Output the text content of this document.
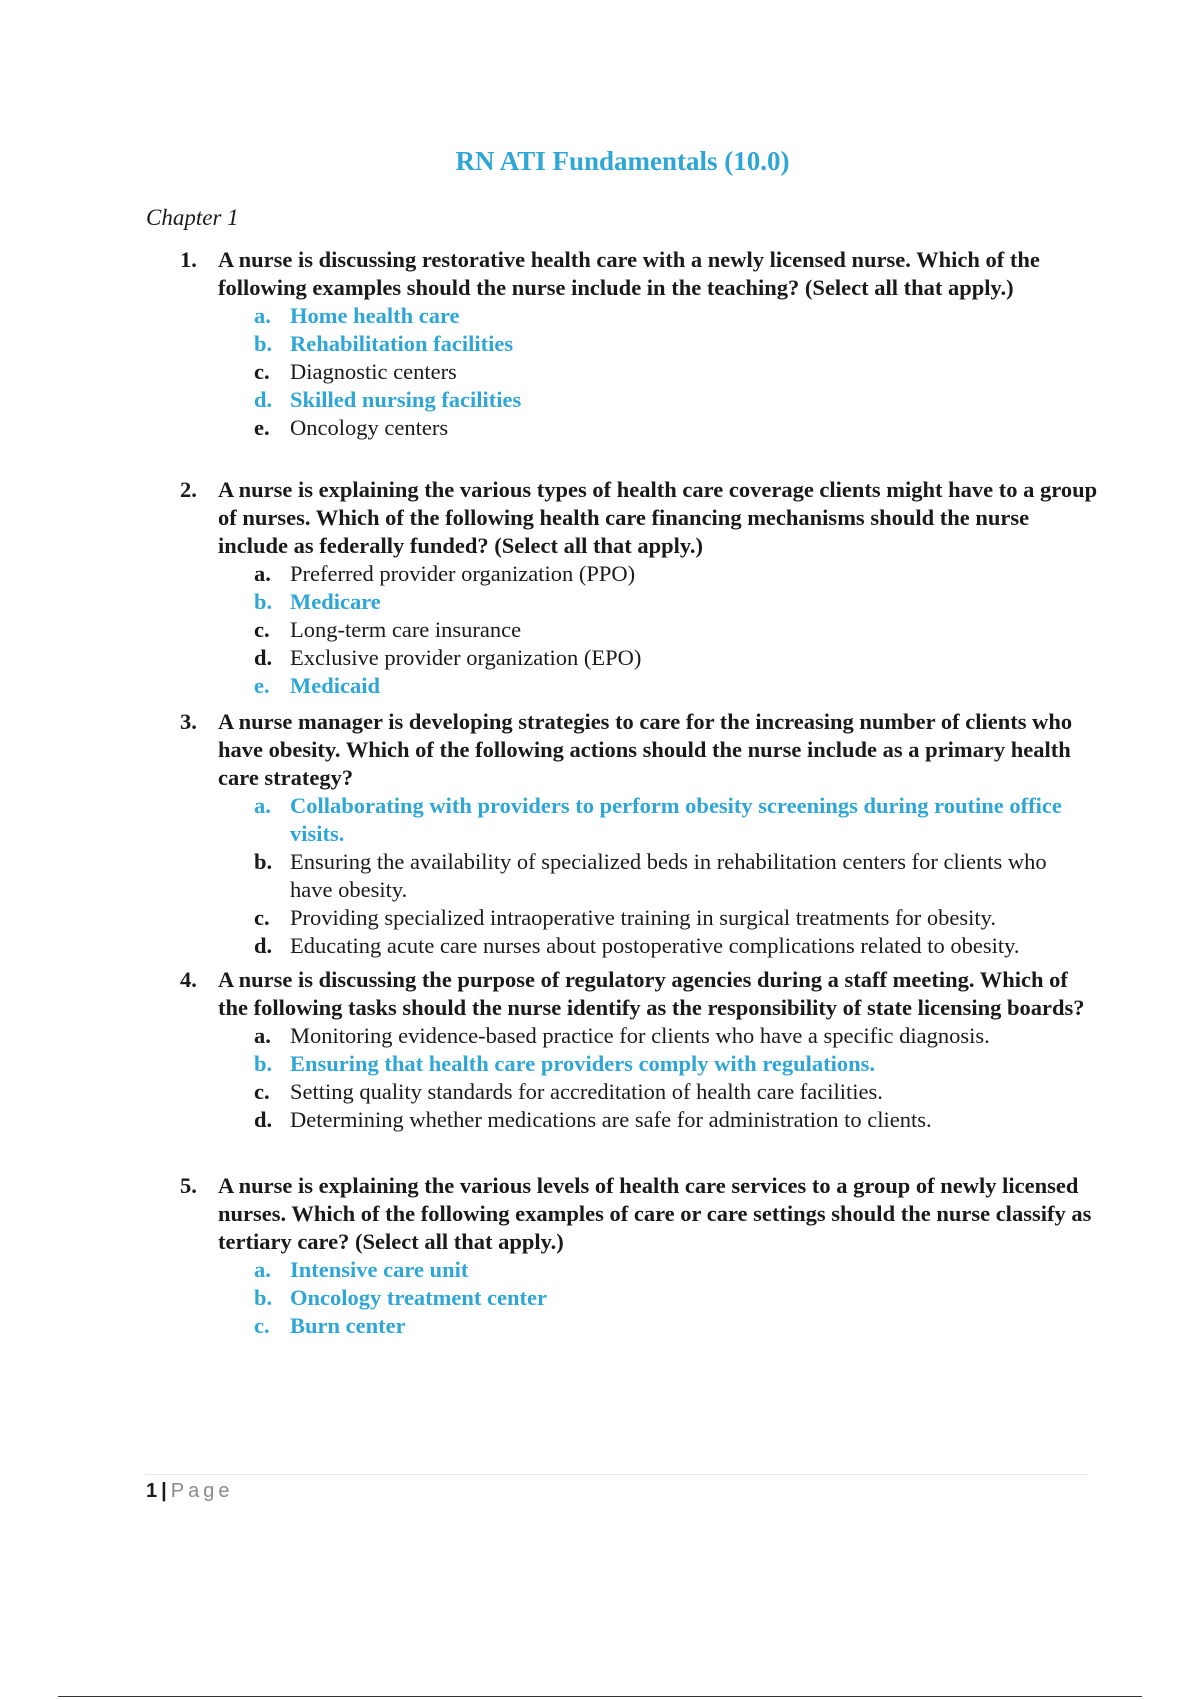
RN ATI Fundamentals (10.0)
Chapter 1
1. A nurse is discussing restorative health care with a newly licensed nurse. Which of the following examples should the nurse include in the teaching? (Select all that apply.)
a. Home health care
b. Rehabilitation facilities
c. Diagnostic centers
d. Skilled nursing facilities
e. Oncology centers
2. A nurse is explaining the various types of health care coverage clients might have to a group of nurses. Which of the following health care financing mechanisms should the nurse include as federally funded? (Select all that apply.)
a. Preferred provider organization (PPO)
b. Medicare
c. Long-term care insurance
d. Exclusive provider organization (EPO)
e. Medicaid
3. A nurse manager is developing strategies to care for the increasing number of clients who have obesity. Which of the following actions should the nurse include as a primary health care strategy?
a. Collaborating with providers to perform obesity screenings during routine office visits.
b. Ensuring the availability of specialized beds in rehabilitation centers for clients who have obesity.
c. Providing specialized intraoperative training in surgical treatments for obesity.
d. Educating acute care nurses about postoperative complications related to obesity.
4. A nurse is discussing the purpose of regulatory agencies during a staff meeting. Which of the following tasks should the nurse identify as the responsibility of state licensing boards?
a. Monitoring evidence-based practice for clients who have a specific diagnosis.
b. Ensuring that health care providers comply with regulations.
c. Setting quality standards for accreditation of health care facilities.
d. Determining whether medications are safe for administration to clients.
5. A nurse is explaining the various levels of health care services to a group of newly licensed nurses. Which of the following examples of care or care settings should the nurse classify as tertiary care? (Select all that apply.)
a. Intensive care unit
b. Oncology treatment center
c. Burn center
1 | Page
